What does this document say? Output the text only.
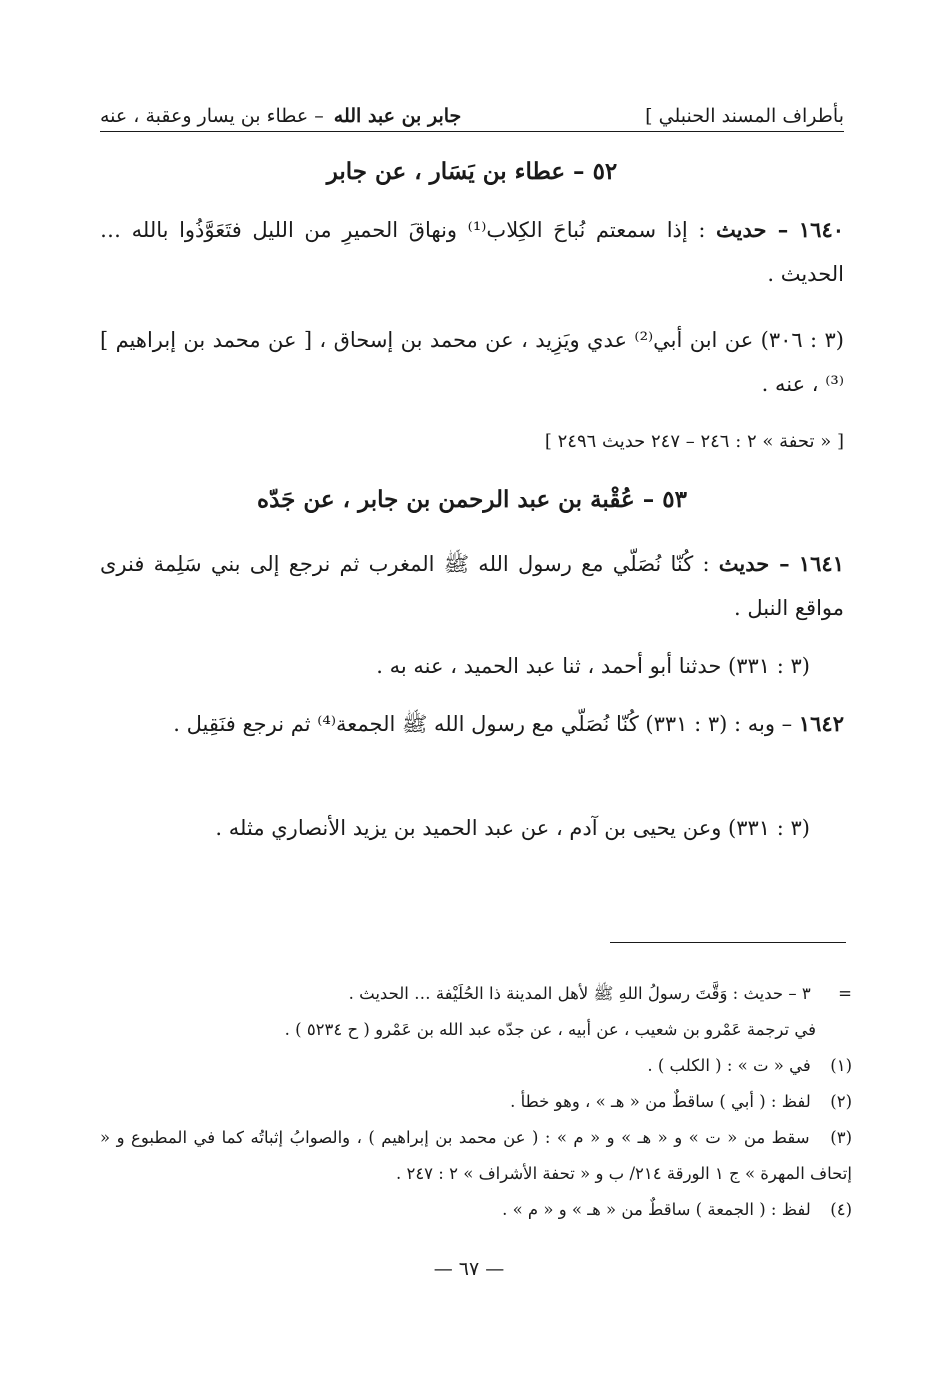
بأطراف المسند الحنبلي ]
جابر بن عبد الله
– عطاء بن يسار وعقبة ، عنه
٥٢ – عطاء بن يَسَار ، عن جابر
١٦٤٠ – حديث : إذا سمعتم نُباحَ الكِلاب⁽¹⁾ ونهاقَ الحميرِ من الليل فتَعَوَّذُوا بالله … الحديث .
(٣ : ٣٠٦) عن ابن أبي⁽²⁾ عدي ويَزِيد ، عن محمد بن إسحاق ، [ عن محمد بن إبراهيم ]⁽³⁾ ، عنه .
[ « تحفة » ٢ : ٢٤٦ – ٢٤٧ حديث ٢٤٩٦ ]
٥٣ – عُقْبة بن عبد الرحمن بن جابر ، عن جَدّه
١٦٤١ – حديث : كُنّا نُصَلّي مع رسول الله ﷺ المغرب ثم نرجع إلى بني سَلِمة فنرى مواقع النبل .
(٣ : ٣٣١) حدثنا أبو أحمد ، ثنا عبد الحميد ، عنه به .
١٦٤٢ – وبه : (٣ : ٣٣١) كُنّا نُصَلّي مع رسول الله ﷺ الجمعة⁽⁴⁾ ثم نرجع فنَقِيل .
(٣ : ٣٣١) وعن يحيى بن آدم ، عن عبد الحميد بن يزيد الأنصاري مثله .
= ٣ – حديث : وَقَّتَ رسولُ اللهِ ﷺ لأهل المدينة ذا الحُلَيْفة … الحديث .
في ترجمة عَمْرو بن شعيب ، عن أبيه ، عن جدّه عبد الله بن عَمْرو ( ح ٥٢٣٤ ) .
(١) في « ت » : ( الكلب ) .
(٢) لفظ : ( أبي ) ساقطٌ من « هـ » ، وهو خطأ .
(٣) سقط من « ت » و « هـ » و « م » : ( عن محمد بن إبراهيم ) ، والصوابُ إثباتُه كما في المطبوع و « إتحاف المهرة » ج ١ الورقة ٢١٤/ ب و « تحفة الأشراف » ٢ : ٢٤٧ .
(٤) لفظ : ( الجمعة ) ساقطٌ من « هـ » و « م » .
— ٦٧ —
